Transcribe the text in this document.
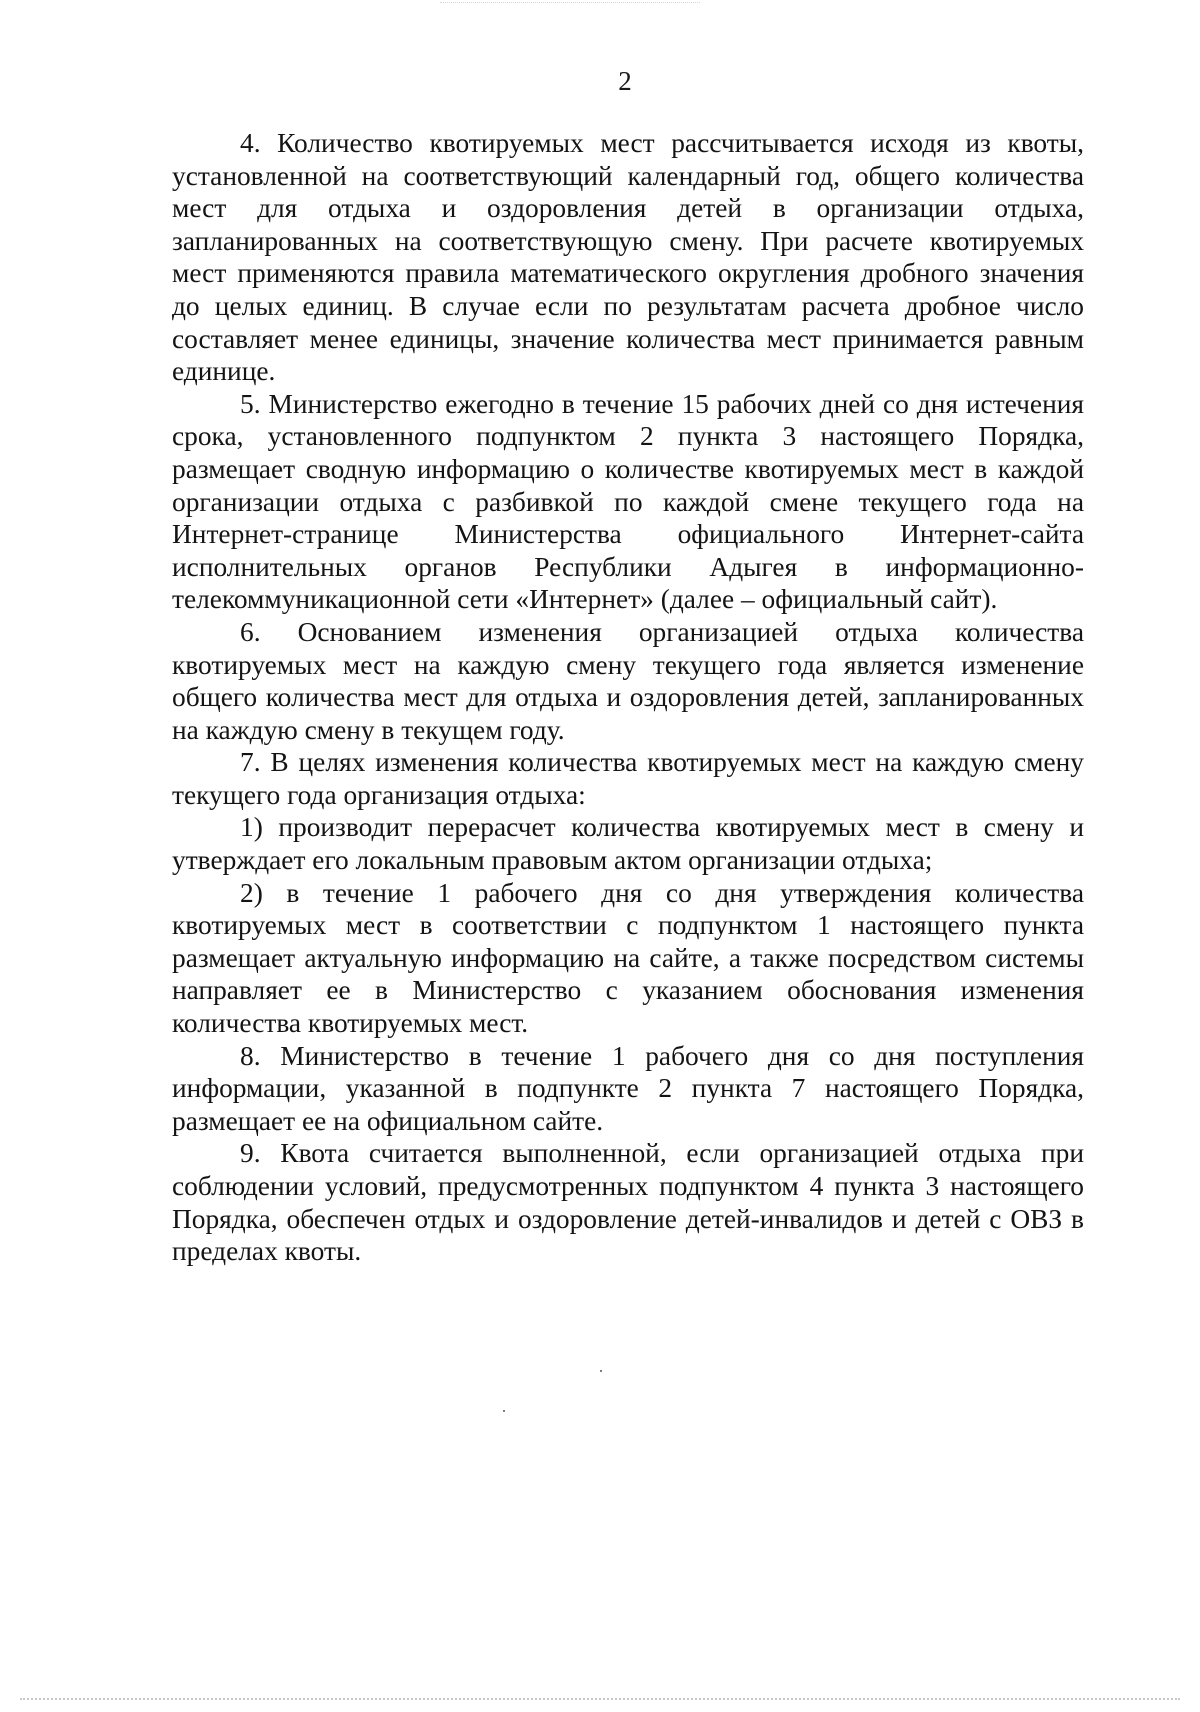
2

4. Количество квотируемых мест рассчитывается исходя из квоты, установленной на соответствующий календарный год, общего количества мест для отдыха и оздоровления детей в организации отдыха, запланированных на соответствующую смену. При расчете квотируемых мест применяются правила математического округления дробного значения до целых единиц. В случае если по результатам расчета дробное число составляет менее единицы, значение количества мест принимается равным единице.

5. Министерство ежегодно в течение 15 рабочих дней со дня истечения срока, установленного подпунктом 2 пункта 3 настоящего Порядка, размещает сводную информацию о количестве квотируемых мест в каждой организации отдыха с разбивкой по каждой смене текущего года на Интернет-странице Министерства официального Интернет-сайта исполнительных органов Республики Адыгея в информационно-телекоммуникационной сети «Интернет» (далее – официальный сайт).

6. Основанием изменения организацией отдыха количества квотируемых мест на каждую смену текущего года является изменение общего количества мест для отдыха и оздоровления детей, запланированных на каждую смену в текущем году.

7. В целях изменения количества квотируемых мест на каждую смену текущего года организация отдыха:

1) производит перерасчет количества квотируемых мест в смену и утверждает его локальным правовым актом организации отдыха;

2) в течение 1 рабочего дня со дня утверждения количества квотируемых мест в соответствии с подпунктом 1 настоящего пункта размещает актуальную информацию на сайте, а также посредством системы направляет ее в Министерство с указанием обоснования изменения количества квотируемых мест.

8. Министерство в течение 1 рабочего дня со дня поступления информации, указанной в подпункте 2 пункта 7 настоящего Порядка, размещает ее на официальном сайте.

9. Квота считается выполненной, если организацией отдыха при соблюдении условий, предусмотренных подпунктом 4 пункта 3 настоящего Порядка, обеспечен отдых и оздоровление детей-инвалидов и детей с ОВЗ в пределах квоты.
